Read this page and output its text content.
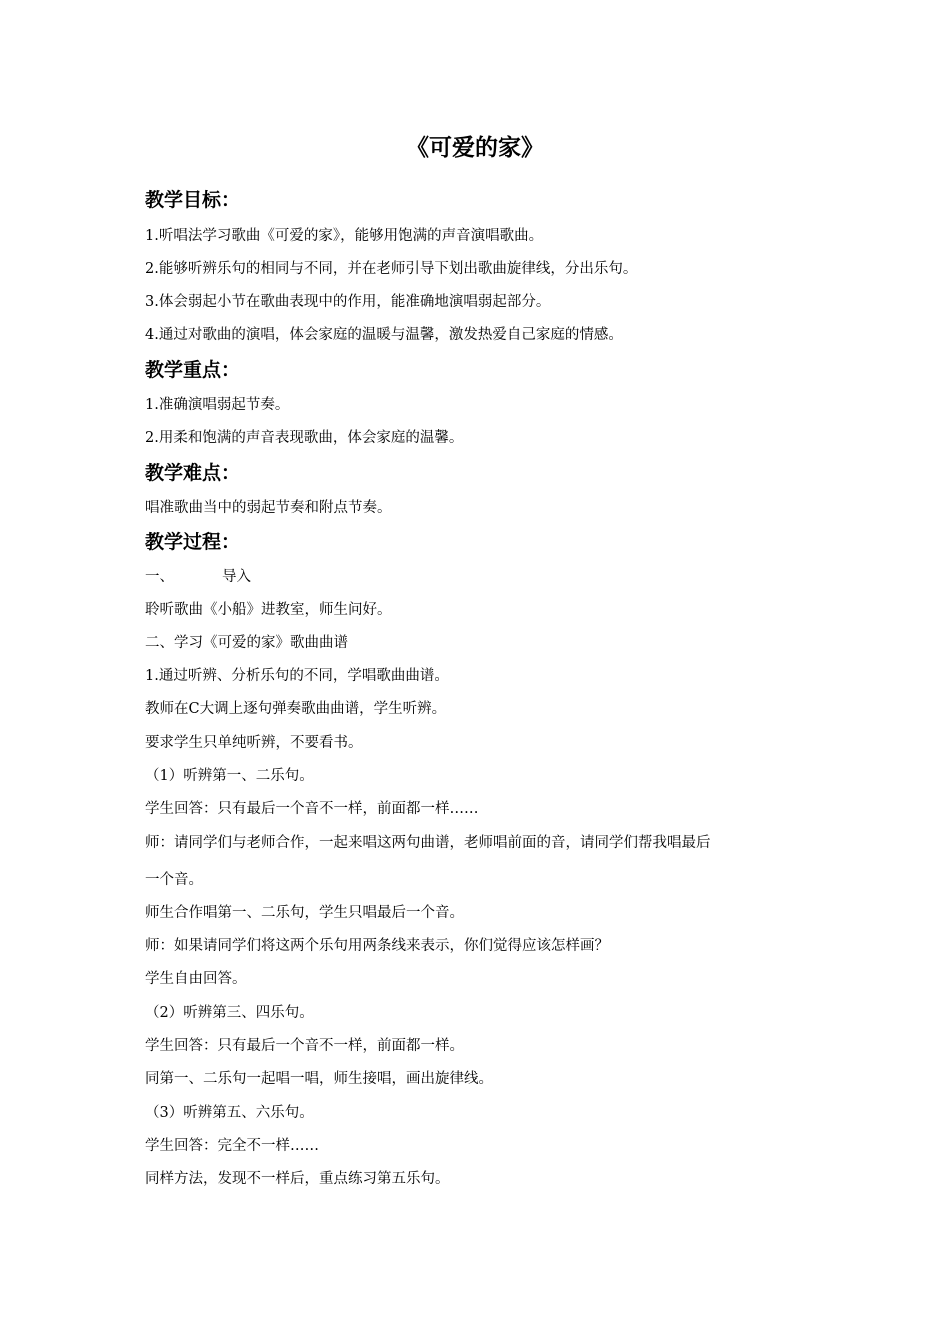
《可爱的家》
教学目标：
1.听唱法学习歌曲《可爱的家》，能够用饱满的声音演唱歌曲。
2.能够听辨乐句的相同与不同，并在老师引导下划出歌曲旋律线，分出乐句。
3.体会弱起小节在歌曲表现中的作用，能准确地演唱弱起部分。
4.通过对歌曲的演唱，体会家庭的温暖与温馨，激发热爱自己家庭的情感。
教学重点：
1.准确演唱弱起节奏。
2.用柔和饱满的声音表现歌曲，体会家庭的温馨。
教学难点：
唱准歌曲当中的弱起节奏和附点节奏。
教学过程：
一、	导入
聆听歌曲《小船》进教室，师生问好。
二、学习《可爱的家》歌曲曲谱
1.通过听辨、分析乐句的不同，学唱歌曲曲谱。
教师在C大调上逐句弹奏歌曲曲谱，学生听辨。
要求学生只单纯听辨，不要看书。
（1）听辨第一、二乐句。
学生回答：只有最后一个音不一样，前面都一样……
师：请同学们与老师合作，一起来唱这两句曲谱，老师唱前面的音，请同学们帮我唱最后
一个音。
师生合作唱第一、二乐句，学生只唱最后一个音。
师：如果请同学们将这两个乐句用两条线来表示，你们觉得应该怎样画？
学生自由回答。
（2）听辨第三、四乐句。
学生回答：只有最后一个音不一样，前面都一样。
同第一、二乐句一起唱一唱，师生接唱，画出旋律线。
（3）听辨第五、六乐句。
学生回答：完全不一样……
同样方法，发现不一样后，重点练习第五乐句。
